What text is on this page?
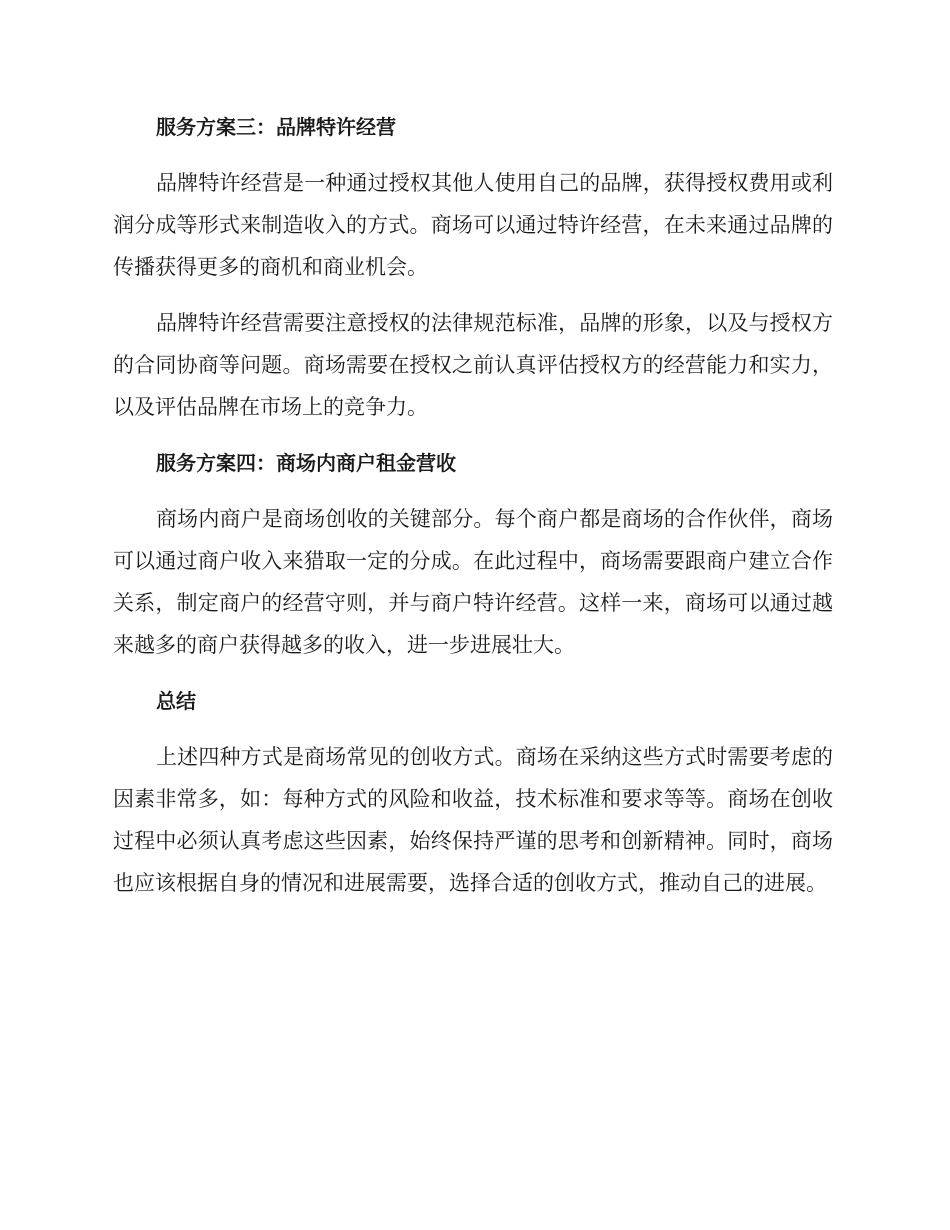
服务方案三：品牌特许经营

品牌特许经营是一种通过授权其他人使用自己的品牌，获得授权费用或利润分成等形式来制造收入的方式。商场可以通过特许经营，在未来通过品牌的传播获得更多的商机和商业机会。

品牌特许经营需要注意授权的法律规范标准，品牌的形象，以及与授权方的合同协商等问题。商场需要在授权之前认真评估授权方的经营能力和实力，以及评估品牌在市场上的竞争力。

服务方案四：商场内商户租金营收

商场内商户是商场创收的关键部分。每个商户都是商场的合作伙伴，商场可以通过商户收入来猎取一定的分成。在此过程中，商场需要跟商户建立合作关系，制定商户的经营守则，并与商户特许经营。这样一来，商场可以通过越来越多的商户获得越多的收入，进一步进展壮大。

总结

上述四种方式是商场常见的创收方式。商场在采纳这些方式时需要考虑的因素非常多，如：每种方式的风险和收益，技术标准和要求等等。商场在创收过程中必须认真考虑这些因素，始终保持严谨的思考和创新精神。同时，商场也应该根据自身的情况和进展需要，选择合适的创收方式，推动自己的进展。
